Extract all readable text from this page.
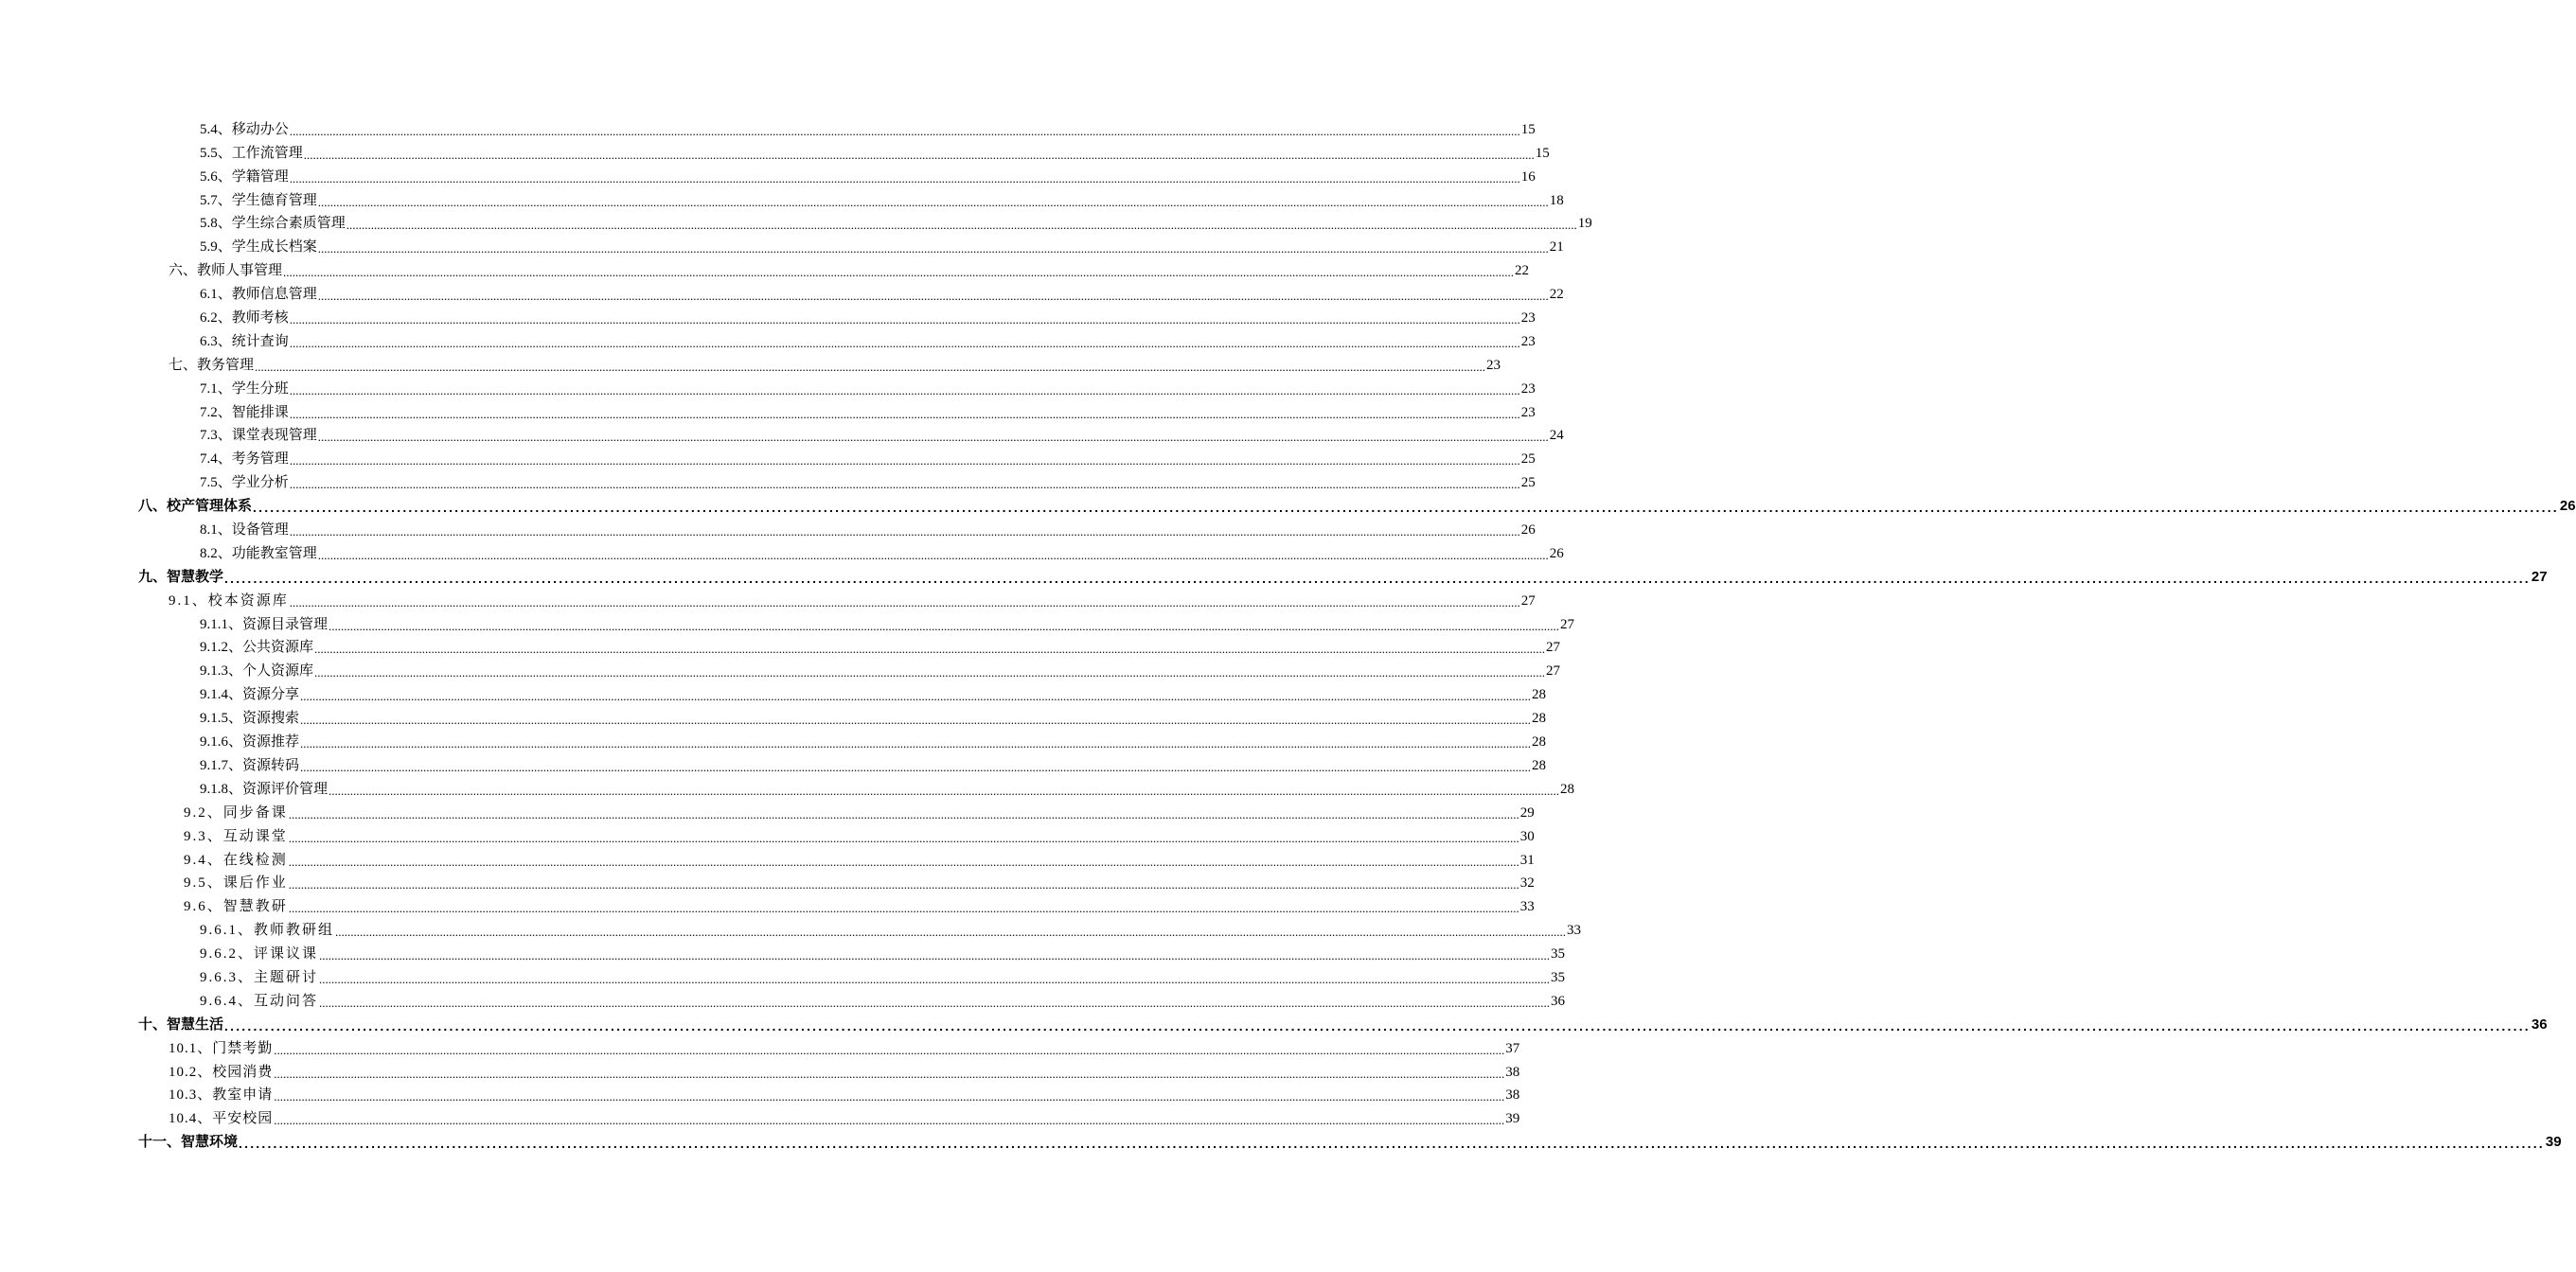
5.4、移动办公 ................................................................................................................................................................................................................................................................................................................................................................................................................ 15
5.5、工作流管理 ................................................................................................................................................................................................................................................................................................................................................................................................................ 15
5.6、学籍管理 ................................................................................................................................................................................................................................................................................................................................................................................................................ 16
5.7、学生德育管理 ................................................................................................................................................................................................................................................................................................................................................................................................................ 18
5.8、学生综合素质管理 ................................................................................................................................................................................................................................................................................................................................................................................................................ 19
5.9、学生成长档案 ................................................................................................................................................................................................................................................................................................................................................................................................................ 21
六、教师人事管理 ................................................................................................................................................................................................................................................................................................................................................................................................................ 22
6.1、教师信息管理 ................................................................................................................................................................................................................................................................................................................................................................................................................ 22
6.2、教师考核 ................................................................................................................................................................................................................................................................................................................................................................................................................ 23
6.3、统计查询 ................................................................................................................................................................................................................................................................................................................................................................................................................ 23
七、教务管理 ................................................................................................................................................................................................................................................................................................................................................................................................................ 23
7.1、学生分班 ................................................................................................................................................................................................................................................................................................................................................................................................................ 23
7.2、智能排课 ................................................................................................................................................................................................................................................................................................................................................................................................................ 23
7.3、课堂表现管理 ................................................................................................................................................................................................................................................................................................................................................................................................................ 24
7.4、考务管理 ................................................................................................................................................................................................................................................................................................................................................................................................................ 25
7.5、学业分析 ................................................................................................................................................................................................................................................................................................................................................................................................................ 25
八、校产管理体系 ................................................................................................................................................................................................................................................................................................................................................................................................................ 26
8.1、设备管理 ................................................................................................................................................................................................................................................................................................................................................................................................................ 26
8.2、功能教室管理 ................................................................................................................................................................................................................................................................................................................................................................................................................ 26
九、智慧教学 ................................................................................................................................................................................................................................................................................................................................................................................................................ 27
9.1、校本资源库 ................................................................................................................................................................................................................................................................................................................................................................................................................ 27
9.1.1、资源目录管理 ................................................................................................................................................................................................................................................................................................................................................................................................................ 27
9.1.2、公共资源库 ................................................................................................................................................................................................................................................................................................................................................................................................................ 27
9.1.3、个人资源库 ................................................................................................................................................................................................................................................................................................................................................................................................................ 27
9.1.4、资源分享 ................................................................................................................................................................................................................................................................................................................................................................................................................ 28
9.1.5、资源搜索 ................................................................................................................................................................................................................................................................................................................................................................................................................ 28
9.1.6、资源推荐 ................................................................................................................................................................................................................................................................................................................................................................................................................ 28
9.1.7、资源转码 ................................................................................................................................................................................................................................................................................................................................................................................................................ 28
9.1.8、资源评价管理 ................................................................................................................................................................................................................................................................................................................................................................................................................ 28
9.2、同步备课 ................................................................................................................................................................................................................................................................................................................................................................................................................ 29
9.3、互动课堂 ................................................................................................................................................................................................................................................................................................................................................................................................................ 30
9.4、在线检测 ................................................................................................................................................................................................................................................................................................................................................................................................................ 31
9.5、课后作业 ................................................................................................................................................................................................................................................................................................................................................................................................................ 32
9.6、智慧教研 ................................................................................................................................................................................................................................................................................................................................................................................................................ 33
9.6.1、教师教研组 ................................................................................................................................................................................................................................................................................................................................................................................................................ 33
9.6.2、评课议课 ................................................................................................................................................................................................................................................................................................................................................................................................................ 35
9.6.3、主题研讨 ................................................................................................................................................................................................................................................................................................................................................................................................................ 35
9.6.4、互动问答 ................................................................................................................................................................................................................................................................................................................................................................................................................ 36
十、智慧生活 ................................................................................................................................................................................................................................................................................................................................................................................................................ 36
10.1、门禁考勤 ................................................................................................................................................................................................................................................................................................................................................................................................................ 37
10.2、校园消费 ................................................................................................................................................................................................................................................................................................................................................................................................................ 38
10.3、教室申请 ................................................................................................................................................................................................................................................................................................................................................................................................................ 38
10.4、平安校园 ................................................................................................................................................................................................................................................................................................................................................................................................................ 39
十一、智慧环境 ................................................................................................................................................................................................................................................................................................................................................................................................................ 39
